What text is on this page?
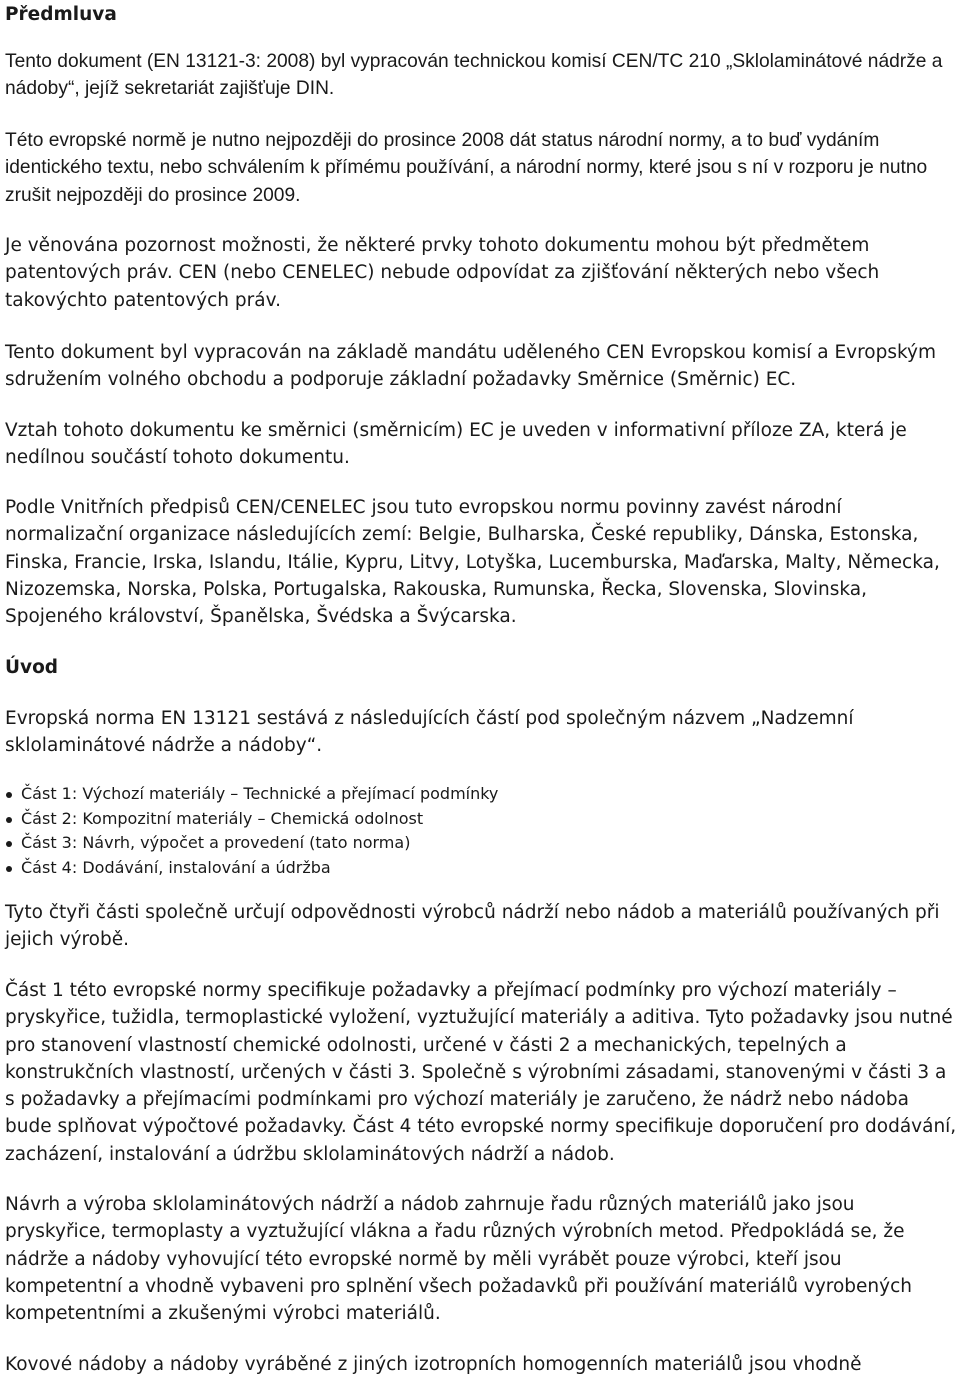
Předmluva

Tento dokument (EN 13121-3: 2008) byl vypracován technickou komisí CEN/TC 210 „Sklolaminátové nádrže a nádoby“, jejíž sekretariát zajišťuje DIN.

Této evropské normě je nutno nejpozději do prosince 2008 dát status národní normy, a to buď vydáním identického textu, nebo schválením k přímému používání, a národní normy, které jsou s ní v rozporu je nutno zrušit nejpozději do prosince 2009.

Je věnována pozornost možnosti, že některé prvky tohoto dokumentu mohou být předmětem patentových práv. CEN (nebo CENELEC) nebude odpovídat za zjišťování některých nebo všech takovýchto patentových práv.

Tento dokument byl vypracován na základě mandátu uděleného CEN Evropskou komisí a Evropským sdružením volného obchodu a podporuje základní požadavky Směrnice (Směrnic) EC.

Vztah tohoto dokumentu ke směrnici (směrnicím) EC je uveden v informativní příloze ZA, která je nedílnou součástí tohoto dokumentu.

Podle Vnitřních předpisů CEN/CENELEC jsou tuto evropskou normu povinny zavést národní normalizační organizace následujících zemí: Belgie, Bulharska, České republiky, Dánska, Estonska, Finska, Francie, Irska, Islandu, Itálie, Kypru, Litvy, Lotyška, Lucemburska, Maďarska, Malty, Německa, Nizozemska, Norska, Polska, Portugalska, Rakouska, Rumunska, Řecka, Slovenska, Slovinska, Spojeného království, Španělska, Švédska a Švýcarska.

Úvod

Evropská norma EN 13121 sestává z následujících částí pod společným názvem „Nadzemní sklolaminátové nádrže a nádoby“.

Část 1: Výchozí materiály – Technické a přejímací podmínky
Část 2: Kompozitní materiály – Chemická odolnost
Část 3: Návrh, výpočet a provedení (tato norma)
Část 4: Dodávání, instalování a údržba

Tyto čtyři části společně určují odpovědnosti výrobců nádrží nebo nádob a materiálů používaných při jejich výrobě.

Část 1 této evropské normy specifikuje požadavky a přejímací podmínky pro výchozí materiály – pryskyřice, tužidla, termoplastické vyložení, vyztužující materiály a aditiva. Tyto požadavky jsou nutné pro stanovení vlastností chemické odolnosti, určené v části 2 a mechanických, tepelných a konstrukčních vlastností, určených v části 3. Společně s výrobními zásadami, stanovenými v části 3 a s požadavky a přejímacími podmínkami pro výchozí materiály je zaručeno, že nádrž nebo nádoba bude splňovat výpočtové požadavky. Část 4 této evropské normy specifikuje doporučení pro dodávání, zacházení, instalování a údržbu sklolaminátových nádrží a nádob.

Návrh a výroba sklolaminátových nádrží a nádob zahrnuje řadu různých materiálů jako jsou pryskyřice, termoplasty a vyztužující vlákna a řadu různých výrobních metod. Předpokládá se, že nádrže a nádoby vyhovující této evropské normě by měli vyrábět pouze výrobci, kteří jsou kompetentní a vhodně vybaveni pro splnění všech požadavků při používání materiálů vyrobených kompetentními a zkušenými výrobci materiálů.

Kovové nádoby a nádoby vyráběné z jiných izotropních homogenních materiálů jsou vhodně
